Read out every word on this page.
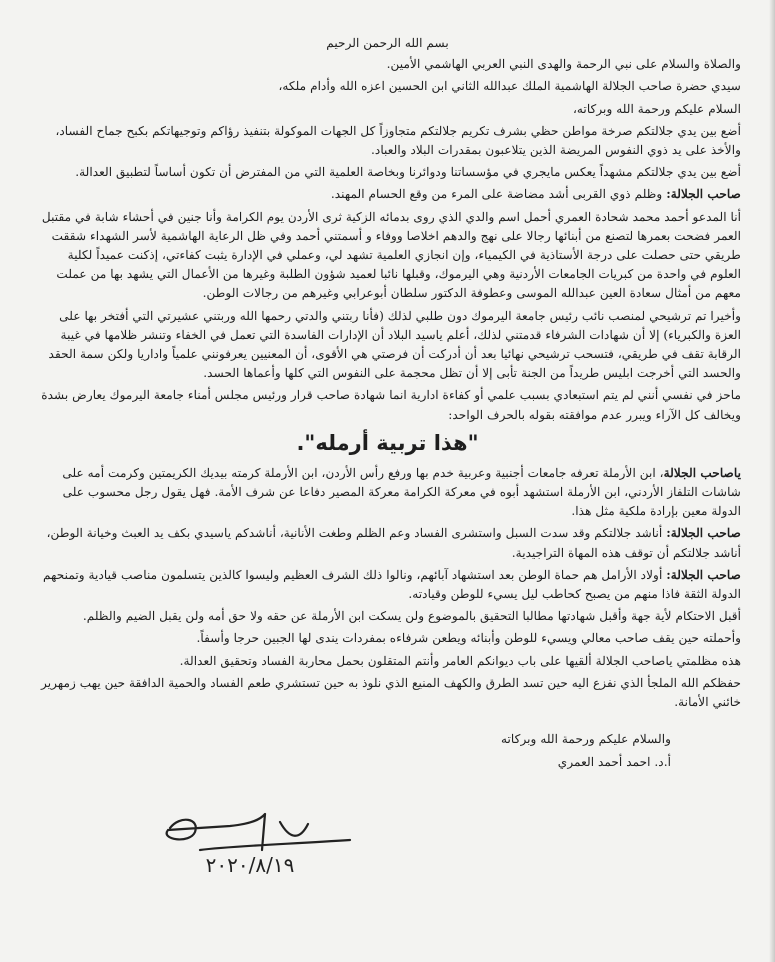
بسم الله الرحمن الرحيم

والصلاة والسلام على نبي الرحمة والهدى النبي العربي الهاشمي الأمين.

سيدي حضرة صاحب الجلالة الهاشمية الملك عبدالله الثاني ابن الحسين اعزه الله وأدام ملكه،

السلام عليكم ورحمة الله وبركاته،

أضع بين يدي جلالتكم صرخة مواطن حظي بشرف تكريم جلالتكم متجاوزاً كل الجهات الموكولة بتنفيذ رؤاكم وتوجيهاتكم بكبح جماح الفساد، والأخذ على يد ذوي النفوس المريضة الذين يتلاعبون بمقدرات البلاد والعباد.

أضع بين يدي جلالتكم مشهداً يعكس مايجري في مؤسساتنا ودوائرنا وبخاصة العلمية التي من المفترض أن تكون أساساً لتطبيق العدالة.

صاحب الجلالة: وظلم ذوي القربى أشد مضاضة على المرء من وقع الحسام المهند.

أنا المدعو أحمد محمد شحادة العمري أحمل اسم والدي الذي روى بدمائه الزكية ثرى الأردن يوم الكرامة وأنا جنين في أحشاء شابة في مقتبل العمر فضحت بعمرها لتصنع من أبنائها رجالا على نهج والدهم اخلاصا ووفاء و أسمتني أحمد وفي ظل الرعاية الهاشمية لأسر الشهداء شققت طريقي حتى حصلت على درجة الأستاذية في الكيمياء، وإن انجازي العلمية تشهد لي، وعملي في الإدارة يثبت كفاءتي، إذكنت عميداً لكلية العلوم في واحدة من كبريات الجامعات الأردنية وهي اليرموك، وقبلها نائبا لعميد شؤون الطلبة وغيرها من الأعمال التي يشهد بها من عملت معهم من أمثال سعادة العين عبدالله الموسى وعطوفة الدكتور سلطان أبوعرابي وغيرهم من رجالات الوطن.

وأخيرا تم ترشيحي لمنصب نائب رئيس جامعة اليرموك دون طلبي لذلك (فأنا ربتني والدتي رحمها الله وربتني عشيرتي التي أفتخر بها على العزة والكبرياء) إلا أن شهادات الشرفاء قدمتني لذلك، أعلم ياسيد البلاد أن الإدارات الفاسدة التي تعمل في الخفاء وتنشر ظلامها في غيبة الرقابة تقف في طريقي، فتسحب ترشيحي نهائيا بعد أن أدركت أن فرصتي هي الأقوى، أن المعنيين يعرفونني علمياً واداريا ولكن سمة الحقد والحسد التي أخرجت ابليس طريداً من الجنة تأبى إلا أن تظل محجمة على النفوس التي كلها وأعماها الحسد.

ماحز في نفسي أنني لم يتم استبعادي بسبب علمي أو كفاءة ادارية انما شهادة صاحب قرار ورئيس مجلس أمناء جامعة اليرموك يعارض بشدة ويخالف كل الآراء ويبرر عدم موافقته بقوله بالحرف الواحد:

"هذا تربية أرمله".

ياصاحب الجلالة، ابن الأرملة تعرفه جامعات أجنبية وعربية خدم بها ورفع رأس الأردن، ابن الأرملة كرمته بيديك الكريمتين وكرمت أمه على شاشات التلفاز الأردني، ابن الأرملة استشهد أبوه في معركة الكرامة معركة المصير دفاعا عن شرف الأمة. فهل يقول رجل محسوب على الدولة معين بإرادة ملكية مثل هذا.

صاحب الجلالة: أناشد جلالتكم وقد سدت السبل واستشرى الفساد وعم الظلم وطغت الأنانية، أناشدكم ياسيدي بكف يد العبث وخيانة الوطن، أناشد جلالتكم أن توقف هذه المهاة التراجيدية.

صاحب الجلالة: أولاد الأرامل هم حماة الوطن بعد استشهاد آبائهم، ونالوا ذلك الشرف العظيم وليسوا كالذين يتسلمون مناصب قيادية وتمنحهم الدولة الثقة فاذا منهم من يصبح كحاطب ليل يسيء للوطن وقيادته.

أقبل الاحتكام لأية جهة وأقبل شهادتها مطالبا التحقيق بالموضوع ولن يسكت ابن الأرملة عن حقه ولا حق أمه ولن يقبل الضيم والظلم.

وأحملته حين يقف صاحب معالي ويسيء للوطن وأبنائه ويطعن شرفاءه بمفردات يندى لها الجبين حرجا وأسفاً.

هذه مظلمتي ياصاحب الجلالة ألقيها على باب ديوانكم العامر وأنتم المتقلون بحمل محاربة الفساد وتحقيق العدالة.

حفظكم الله الملجأ الذي نفزع اليه حين تسد الطرق والكهف المنيع الذي نلوذ به حين تستشري طعم الفساد والحمية الدافقة حين يهب زمهرير خائني الأمانة.

والسلام عليكم ورحمة الله وبركاته

أ.د. احمد أحمد العمري

٢٠٢٠/٨/١٩
